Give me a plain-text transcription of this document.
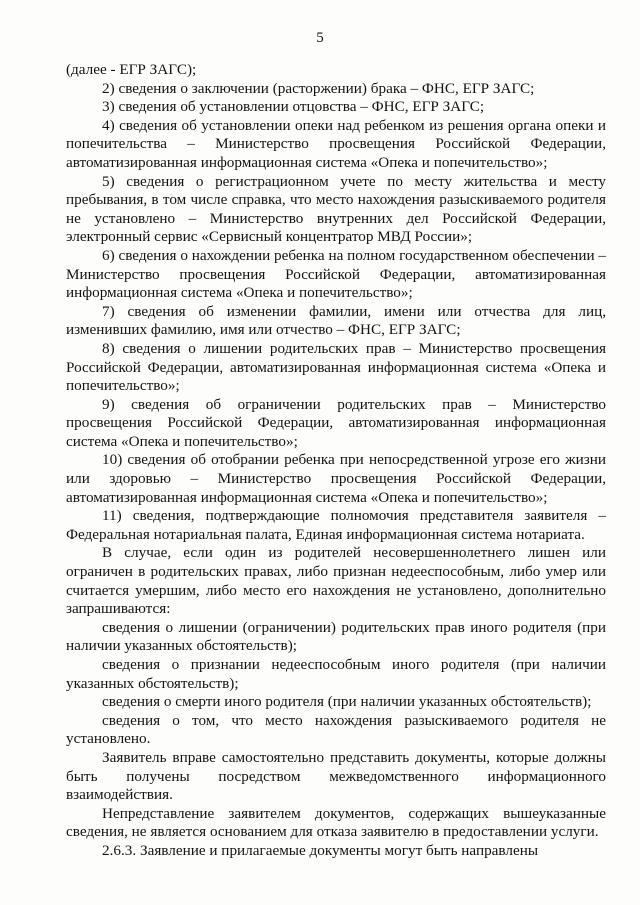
5

(далее - ЕГР ЗАГС);

2) сведения о заключении (расторжении) брака – ФНС, ЕГР ЗАГС;

3) сведения об установлении отцовства – ФНС, ЕГР ЗАГС;

4) сведения об установлении опеки над ребенком из решения органа опеки и попечительства – Министерство просвещения Российской Федерации, автоматизированная информационная система «Опека и попечительство»;

5) сведения о регистрационном учете по месту жительства и месту пребывания, в том числе справка, что место нахождения разыскиваемого родителя не установлено – Министерство внутренних дел Российской Федерации, электронный сервис «Сервисный концентратор МВД России»;

6) сведения о нахождении ребенка на полном государственном обеспечении – Министерство просвещения Российской Федерации, автоматизированная информационная система «Опека и попечительство»;

7) сведения об изменении фамилии, имени или отчества для лиц, изменивших фамилию, имя или отчество – ФНС, ЕГР ЗАГС;

8) сведения о лишении родительских прав – Министерство просвещения Российской Федерации, автоматизированная информационная система «Опека и попечительство»;

9) сведения об ограничении родительских прав – Министерство просвещения Российской Федерации, автоматизированная информационная система «Опека и попечительство»;

10) сведения об отобрании ребенка при непосредственной угрозе его жизни или здоровью – Министерство просвещения Российской Федерации, автоматизированная информационная система «Опека и попечительство»;

11) сведения, подтверждающие полномочия представителя заявителя – Федеральная нотариальная палата, Единая информационная система нотариата.

В случае, если один из родителей несовершеннолетнего лишен или ограничен в родительских правах, либо признан недееспособным, либо умер или считается умершим, либо место его нахождения не установлено, дополнительно запрашиваются:

сведения о лишении (ограничении) родительских прав иного родителя (при наличии указанных обстоятельств);

сведения о признании недееспособным иного родителя (при наличии указанных обстоятельств);

сведения о смерти иного родителя (при наличии указанных обстоятельств);

сведения о том, что место нахождения разыскиваемого родителя не установлено.

Заявитель вправе самостоятельно представить документы, которые должны быть получены посредством межведомственного информационного взаимодействия.

Непредставление заявителем документов, содержащих вышеуказанные сведения, не является основанием для отказа заявителю в предоставлении услуги.

2.6.3. Заявление и прилагаемые документы могут быть направлены
